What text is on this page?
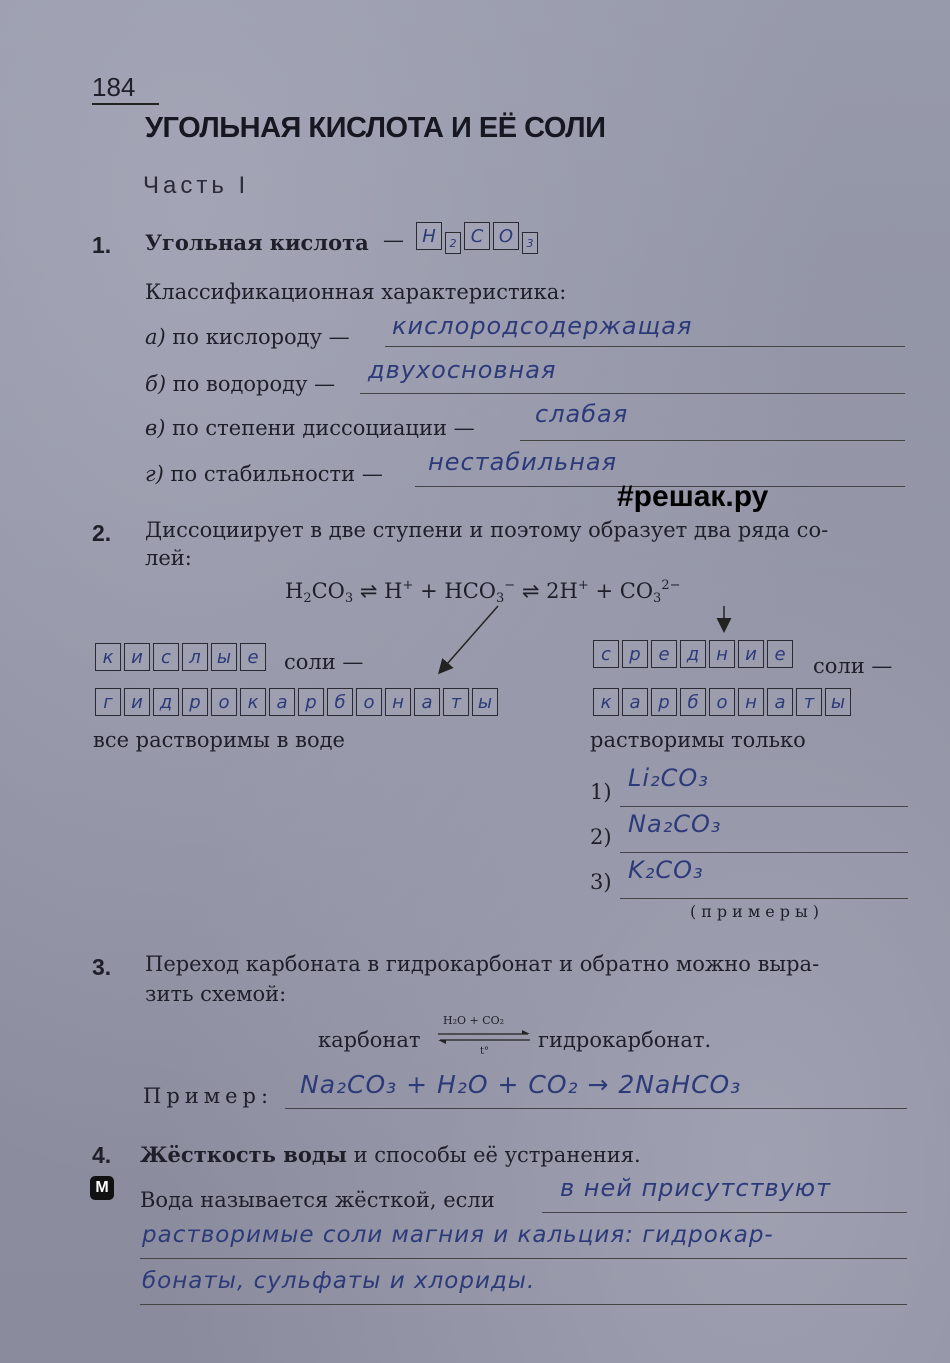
184
УГОЛЬНАЯ КИСЛОТА И ЕЁ СОЛИ
Часть I
1. Угольная кислота —	H	2 C O	3
Классификационная характеристика:
а) по кислороду — кислородсодержащая
б) по водороду — двухосновная
в) по степени диссоциации —	слабая
г) по стабильности — нестабильная
#решак.ру
2. Диссоциирует в две ступени и поэтому образует два ряда со-
лей:
H2CO3 ⇌ H+ + HCO3− ⇌ $2H^+ + CO3^{2-}$
к и	с	л ы е	соли —
г	и д р о	к	а р б о н а	т ы
все растворимы в воде
с	р е д н и е	соли —
к	а р б о н а	т ы
растворимы только
1) Li₂CO₃
2) Na₂CO₃
3) K₂CO₃
(примеры)
3. Переход карбоната в гидрокарбонат и обратно можно выра-
зить схемой:
карбонат
H₂O + CO₂
t° гидрокарбонат.
Пример: Na₂CO₃ + H₂O + CO₂ → 2NaHCO₃
4. Жёсткость воды и способы её устранения.
М
Вода называется жёсткой, если	в ней присутствуют
растворимые соли магния и кальция: гидрокар-
бонаты, сульфаты и хлориды.
